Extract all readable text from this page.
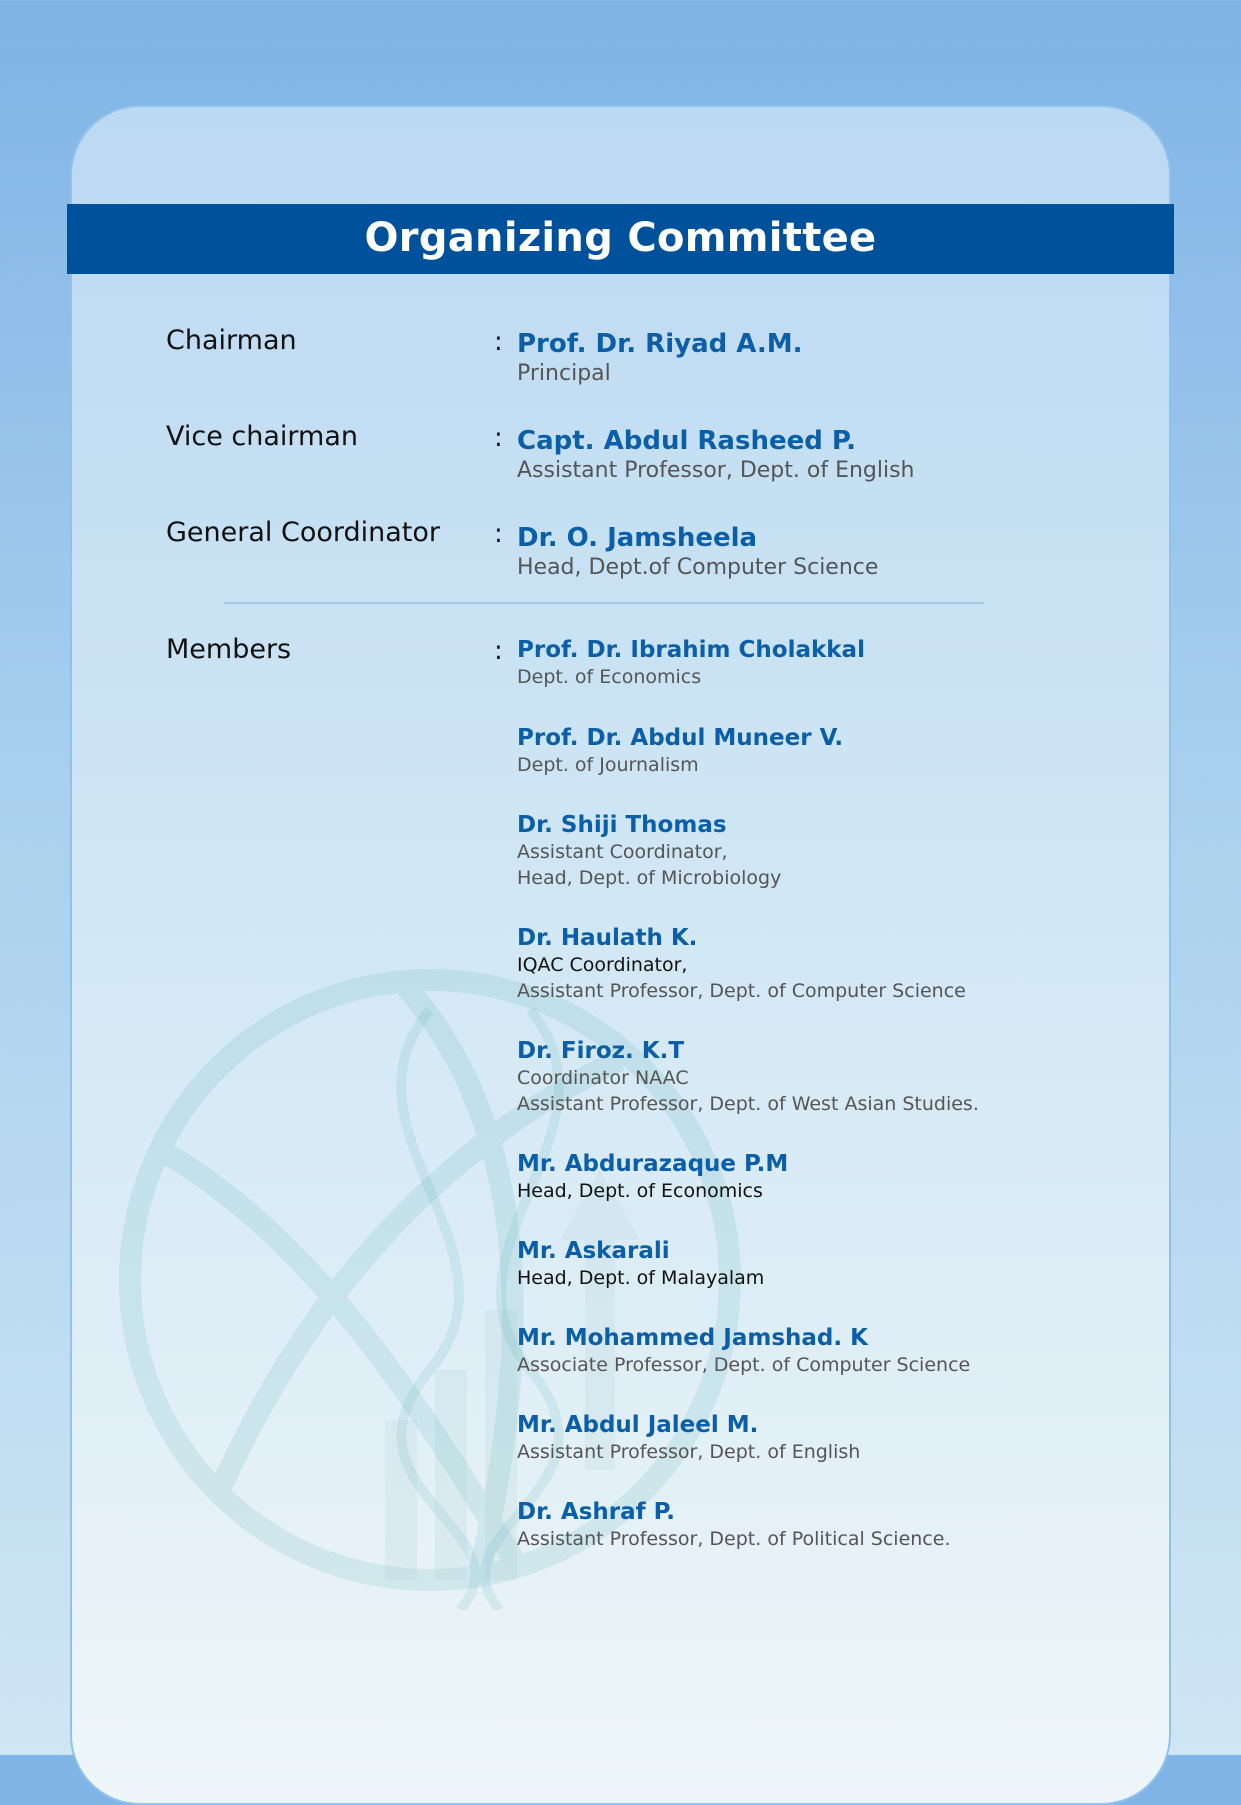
Organizing Committee
Chairman	: Prof. Dr. Riyad A.M.
Principal
Vice chairman	: Capt. Abdul Rasheed P.
Assistant Professor, Dept. of English
General Coordinator : Dr. O. Jamsheela
Head, Dept.of Computer Science
Members	: Prof. Dr. Ibrahim Cholakkal
Dept. of Economics
Prof. Dr. Abdul Muneer V.
Dept. of Journalism
Dr. Shiji Thomas
Assistant Coordinator,
Head, Dept. of Microbiology
Dr. Haulath K.
IQAC Coordinator,
Assistant Professor, Dept. of Computer Science
Dr. Firoz. K.T
Coordinator NAAC
Assistant Professor, Dept. of West Asian Studies.
Mr. Abdurazaque P.M
Head, Dept. of Economics
Mr. Askarali
Head, Dept. of Malayalam
Mr. Mohammed Jamshad. K
Associate Professor, Dept. of Computer Science
Mr. Abdul Jaleel M.
Assistant Professor, Dept. of English
Dr. Ashraf P.
Assistant Professor, Dept. of Political Science.
